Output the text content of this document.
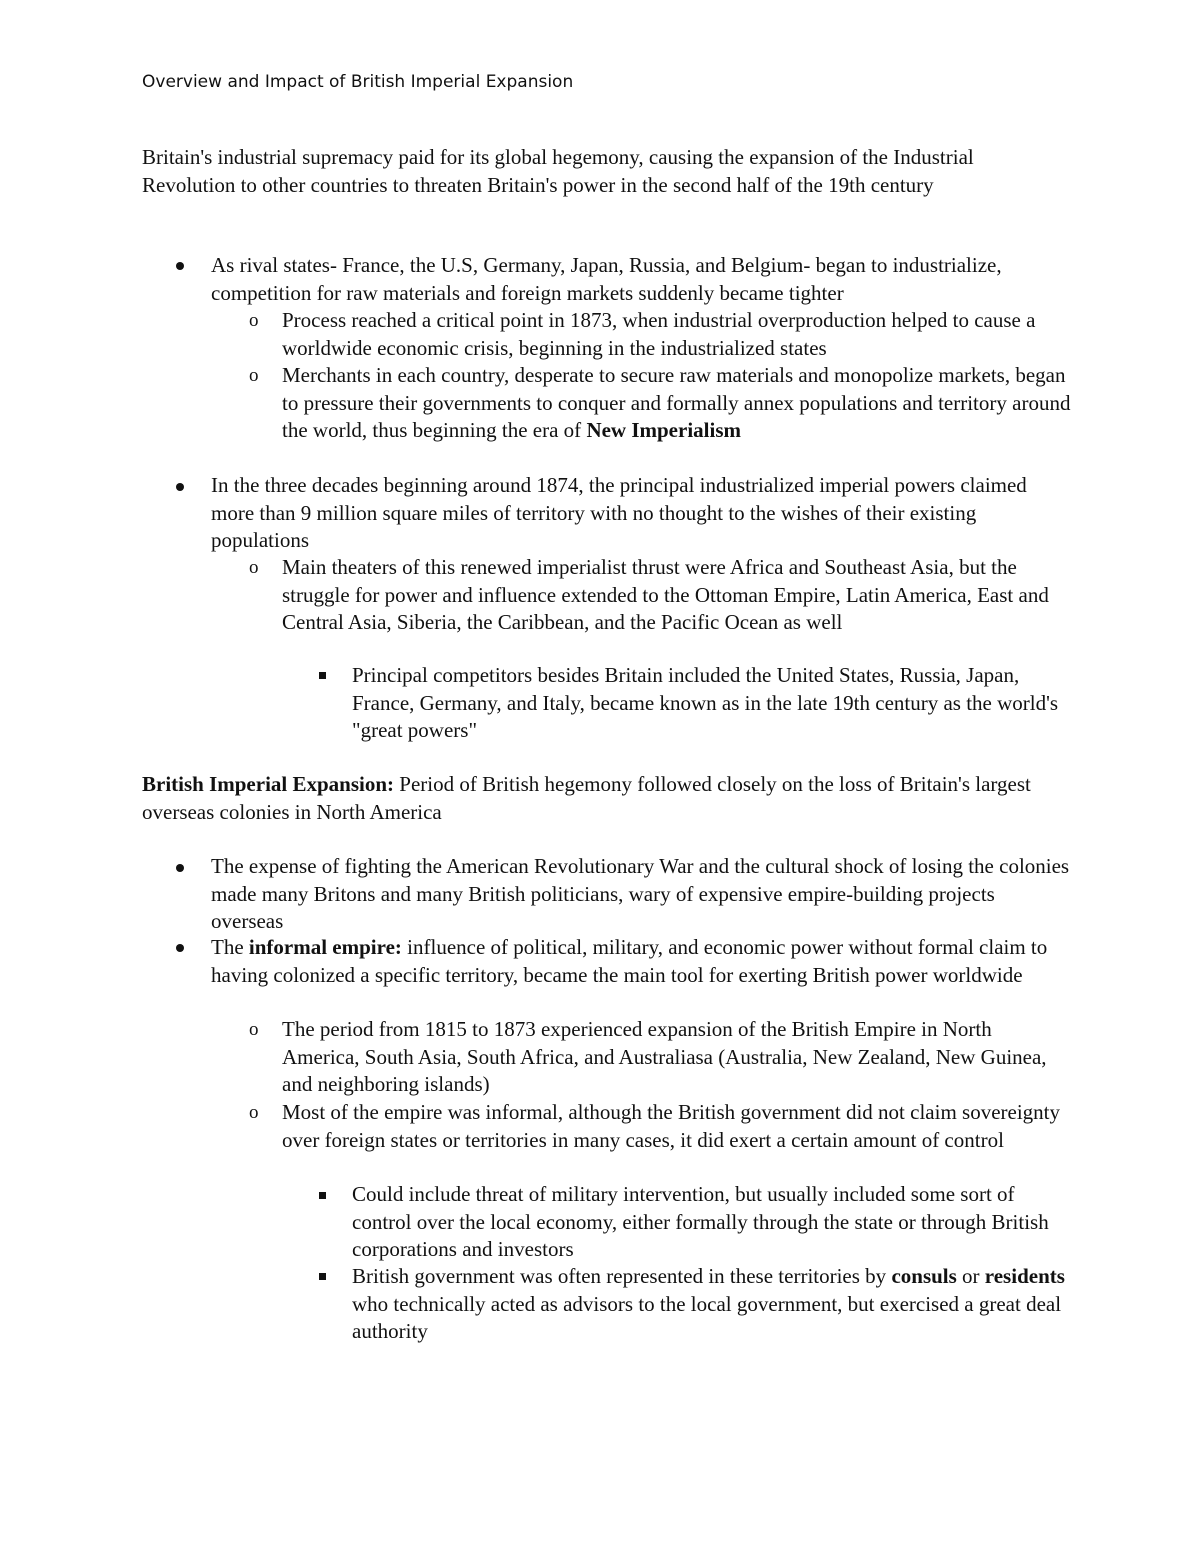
Overview and Impact of British Imperial Expansion

Britain's industrial supremacy paid for its global hegemony, causing the expansion of the Industrial Revolution to other countries to threaten Britain's power in the second half of the 19th century

As rival states- France, the U.S, Germany, Japan, Russia, and Belgium- began to industrialize, competition for raw materials and foreign markets suddenly became tighter

o Process reached a critical point in 1873, when industrial overproduction helped to cause a worldwide economic crisis, beginning in the industrialized states

o Merchants in each country, desperate to secure raw materials and monopolize markets, began to pressure their governments to conquer and formally annex populations and territory around the world, thus beginning the era of New Imperialism

In the three decades beginning around 1874, the principal industrialized imperial powers claimed more than 9 million square miles of territory with no thought to the wishes of their existing populations

o Main theaters of this renewed imperialist thrust were Africa and Southeast Asia, but the struggle for power and influence extended to the Ottoman Empire, Latin America, East and Central Asia, Siberia, the Caribbean, and the Pacific Ocean as well

Principal competitors besides Britain included the United States, Russia, Japan, France, Germany, and Italy, became known as in the late 19th century as the world's "great powers"

British Imperial Expansion: Period of British hegemony followed closely on the loss of Britain's largest overseas colonies in North America

The expense of fighting the American Revolutionary War and the cultural shock of losing the colonies made many Britons and many British politicians, wary of expensive empire-building projects overseas

The informal empire: influence of political, military, and economic power without formal claim to having colonized a specific territory, became the main tool for exerting British power worldwide

o The period from 1815 to 1873 experienced expansion of the British Empire in North America, South Asia, South Africa, and Australiasa (Australia, New Zealand, New Guinea, and neighboring islands)

o Most of the empire was informal, although the British government did not claim sovereignty over foreign states or territories in many cases, it did exert a certain amount of control

Could include threat of military intervention, but usually included some sort of control over the local economy, either formally through the state or through British corporations and investors

British government was often represented in these territories by consuls or residents who technically acted as advisors to the local government, but exercised a great deal authority
